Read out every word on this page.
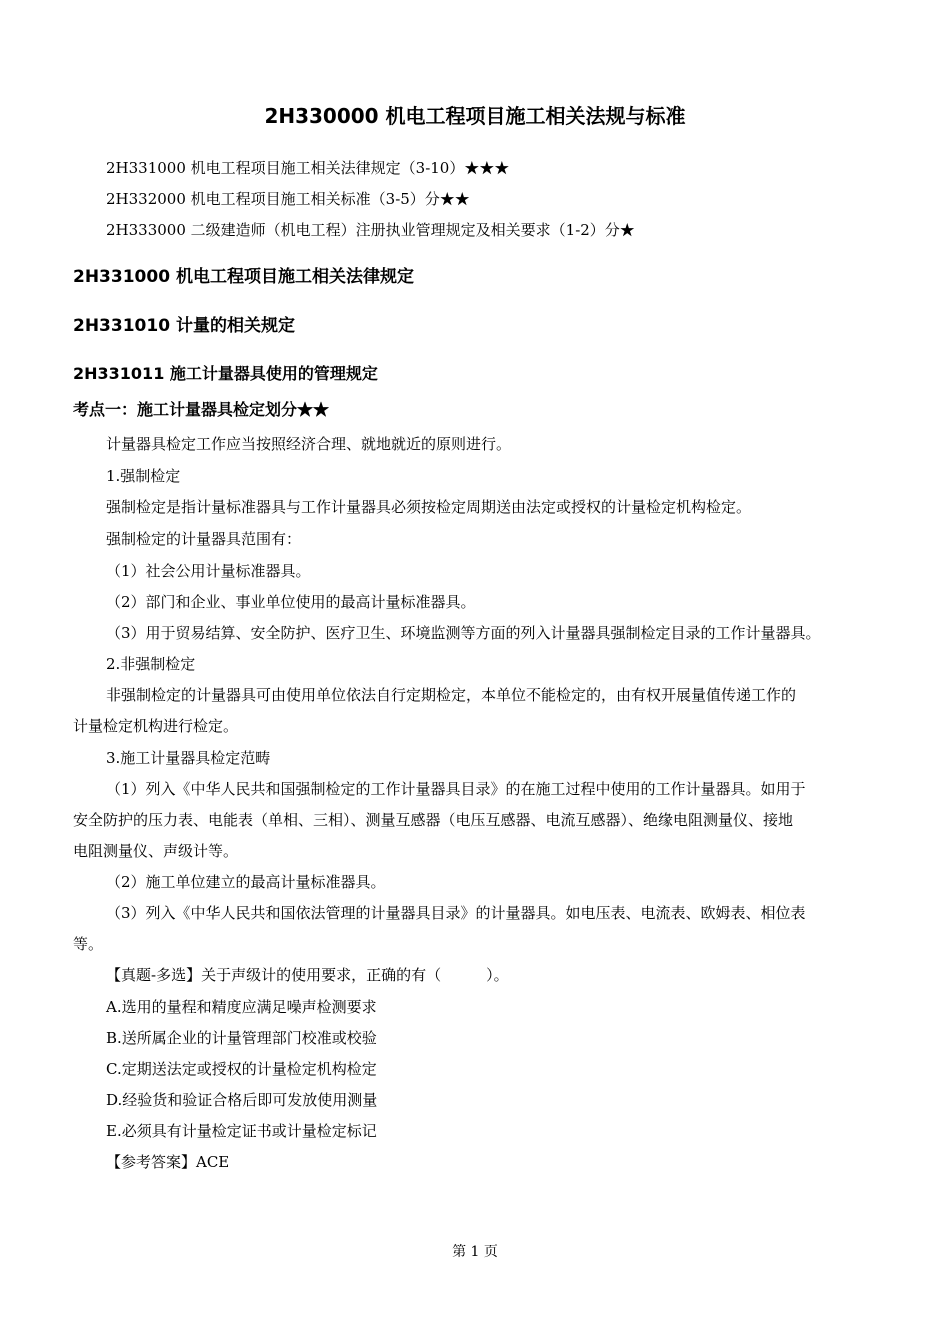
2H330000 机电工程项目施工相关法规与标准
2H331000 机电工程项目施工相关法律规定（3-10）★★★
2H332000 机电工程项目施工相关标准（3-5）分★★
2H333000 二级建造师（机电工程）注册执业管理规定及相关要求（1-2）分★
2H331000 机电工程项目施工相关法律规定
2H331010 计量的相关规定
2H331011 施工计量器具使用的管理规定
考点一：施工计量器具检定划分★★
计量器具检定工作应当按照经济合理、就地就近的原则进行。
1.强制检定
强制检定是指计量标准器具与工作计量器具必须按检定周期送由法定或授权的计量检定机构检定。
强制检定的计量器具范围有：
（1）社会公用计量标准器具。
（2）部门和企业、事业单位使用的最高计量标准器具。
（3）用于贸易结算、安全防护、医疗卫生、环境监测等方面的列入计量器具强制检定目录的工作计量器具。
2.非强制检定
非强制检定的计量器具可由使用单位依法自行定期检定，本单位不能检定的，由有权开展量值传递工作的
计量检定机构进行检定。
3.施工计量器具检定范畴
（1）列入《中华人民共和国强制检定的工作计量器具目录》的在施工过程中使用的工作计量器具。如用于
安全防护的压力表、电能表（单相、三相）、测量互感器（电压互感器、电流互感器）、绝缘电阻测量仪、接地
电阻测量仪、声级计等。
（2）施工单位建立的最高计量标准器具。
（3）列入《中华人民共和国依法管理的计量器具目录》的计量器具。如电压表、电流表、欧姆表、相位表
等。
【真题-多选】关于声级计的使用要求，正确的有（　　　）。
A.选用的量程和精度应满足噪声检测要求
B.送所属企业的计量管理部门校准或校验
C.定期送法定或授权的计量检定机构检定
D.经验货和验证合格后即可发放使用测量
E.必须具有计量检定证书或计量检定标记
【参考答案】ACE
第 1 页
